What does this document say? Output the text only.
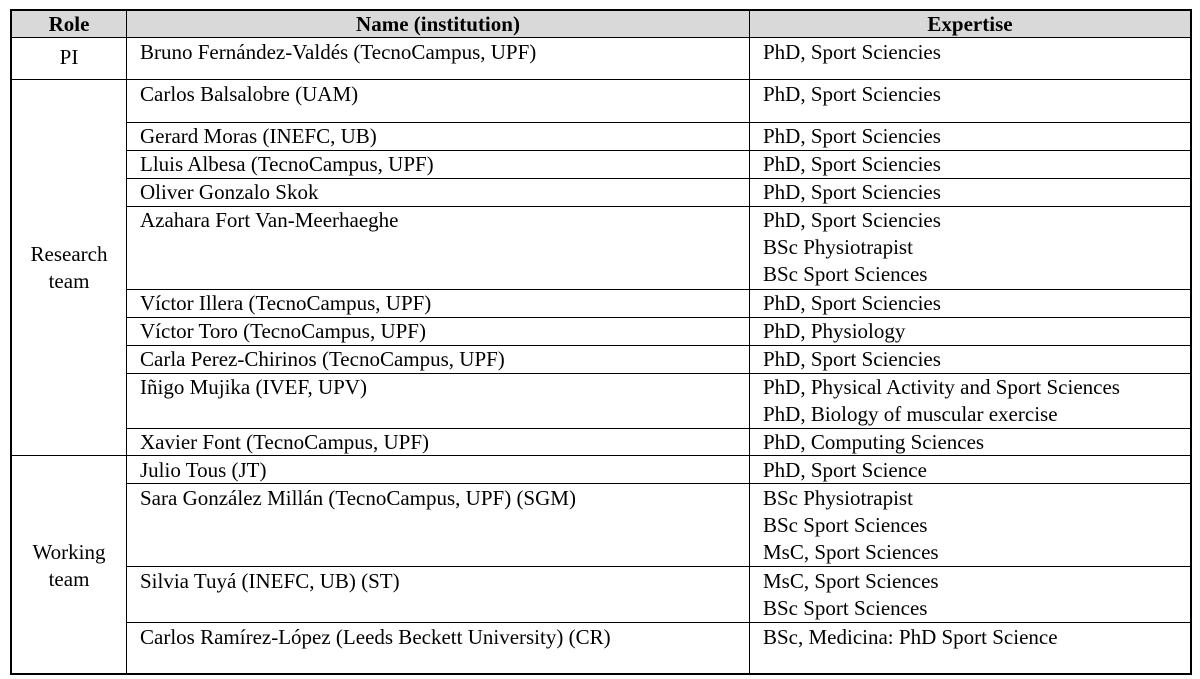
Role	Name (institution)	Expertise
PI
Research
team
Working
team
Bruno Fernández-Valdés (TecnoCampus, UPF)
Carlos Balsalobre (UAM)
Gerard Moras (INEFC, UB)
Lluis Albesa (TecnoCampus, UPF)
Oliver Gonzalo Skok
Azahara Fort Van-Meerhaeghe
Víctor Illera (TecnoCampus, UPF)
Víctor Toro (TecnoCampus, UPF)
Carla Perez-Chirinos (TecnoCampus, UPF)
Iñigo Mujika (IVEF, UPV)
Xavier Font (TecnoCampus, UPF)
Julio Tous (JT)
Sara González Millán (TecnoCampus, UPF) (SGM)
Silvia Tuyá (INEFC, UB) (ST)
Carlos Ramírez-López (Leeds Beckett University) (CR)
PhD, Sport Sciencies
PhD, Sport Sciencies
PhD, Sport Sciencies
PhD, Sport Sciencies
PhD, Sport Sciencies
PhD, Sport Sciencies
BSc Physiotrapist
BSc Sport Sciences
PhD, Sport Sciencies
PhD, Physiology
PhD, Sport Sciencies
PhD, Physical Activity and Sport Sciences
PhD, Biology of muscular exercise
PhD, Computing Sciences
PhD, Sport Science
BSc Physiotrapist
BSc Sport Sciences
MsC, Sport Sciences
MsC, Sport Sciences
BSc Sport Sciences
BSc, Medicina: PhD Sport Science
